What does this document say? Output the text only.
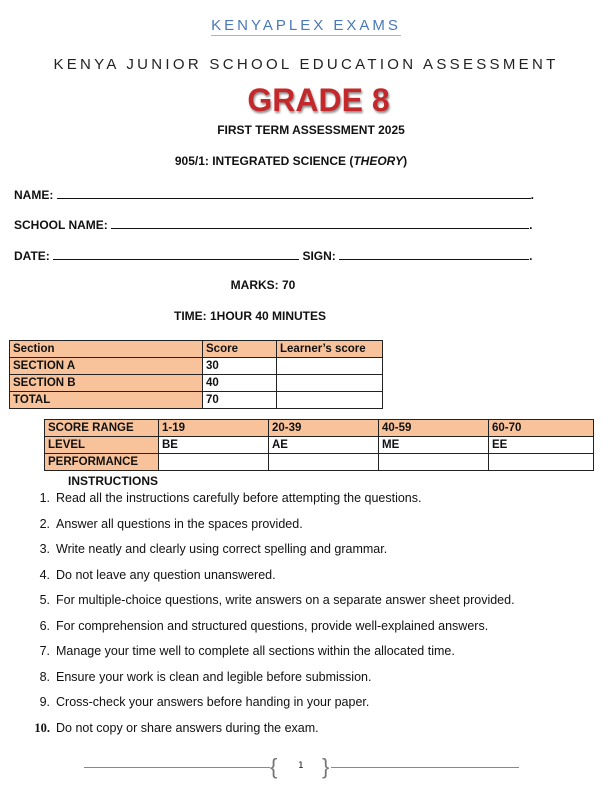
KENYAPLEX EXAMS
KENYA JUNIOR SCHOOL EDUCATION ASSESSMENT
GRADE 8
FIRST TERM ASSESSMENT 2025
905/1: INTEGRATED SCIENCE (THEORY)
NAME:	.
SCHOOL NAME:	.
DATE:	SIGN:	.
MARKS: 70
TIME: 1HOUR 40 MINUTES
Section	Score	Learner’s score
SECTION A	30	
SECTION B	40	
TOTAL	70	
SCORE RANGE	1-19	20-39	40-59	60-70
LEVEL	BE	AE	ME	EE
PERFORMANCE				
INSTRUCTIONS
1. Read all the instructions carefully before attempting the questions.
2. Answer all questions in the spaces provided.
3. Write neatly and clearly using correct spelling and grammar.
4. Do not leave any question unanswered.
5. For multiple-choice questions, write answers on a separate answer sheet provided.
6. For comprehension and structured questions, provide well-explained answers.
7. Manage your time well to complete all sections within the allocated time.
8. Ensure your work is clean and legible before submission.
9. Cross-check your answers before handing in your paper.
10. Do not copy or share answers during the exam.
{ 1 }
